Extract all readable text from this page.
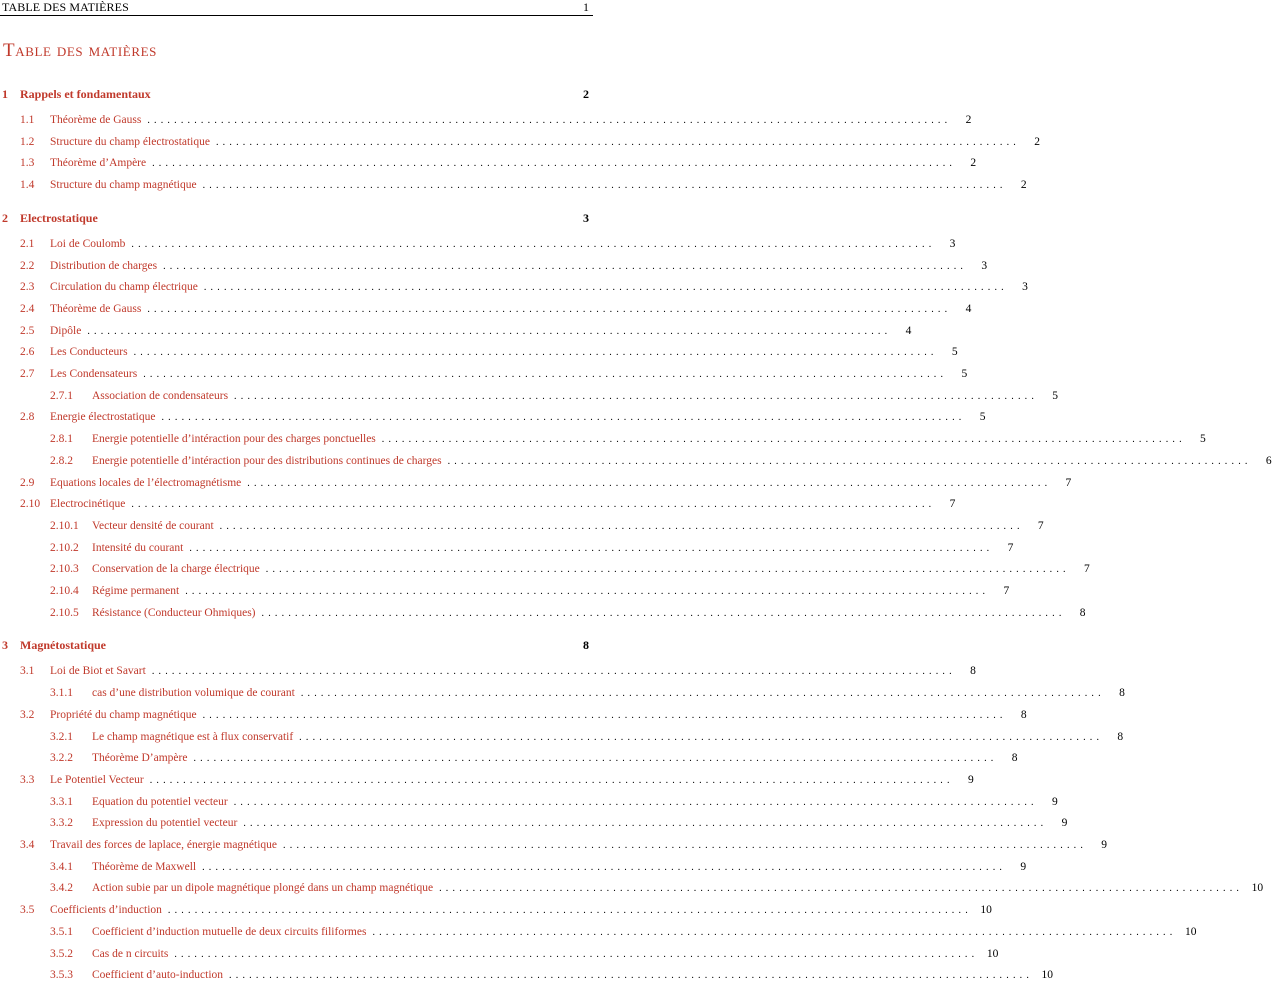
TABLE DES MATIÈRES	1
Table des matières
1 Rappels et fondamentaux	2
1.1 Théorème de Gauss ........................................................................................................................	2
1.2 Structure du champ électrostatique ........................................................................................................................	2
1.3 Théorème d’Ampère ........................................................................................................................	2
1.4 Structure du champ magnétique ........................................................................................................................	2
2 Electrostatique	3
2.1 Loi de Coulomb ........................................................................................................................	3
2.2 Distribution de charges ........................................................................................................................	3
2.3 Circulation du champ électrique ........................................................................................................................	3
2.4 Théorème de Gauss ........................................................................................................................	4
2.5 Dipôle ........................................................................................................................	4
2.6 Les Conducteurs ........................................................................................................................	5
2.7 Les Condensateurs ........................................................................................................................	5
2.7.1 Association de condensateurs ........................................................................................................................	5
2.8 Energie électrostatique ........................................................................................................................	5
2.8.1 Energie potentielle d’intéraction pour des charges ponctuelles ........................................................................................................................	5
2.8.2 Energie potentielle d’intéraction pour des distributions continues de charges ........................................................................................................................	6
2.9 Equations locales de l’électromagnétisme ........................................................................................................................	7
2.10 Electrocinétique ........................................................................................................................	7
2.10.1 Vecteur densité de courant ........................................................................................................................	7
2.10.2 Intensité du courant ........................................................................................................................	7
2.10.3 Conservation de la charge électrique ........................................................................................................................	7
2.10.4 Régime permanent ........................................................................................................................	7
2.10.5 Résistance (Conducteur Ohmiques) ........................................................................................................................	8
3 Magnétostatique	8
3.1 Loi de Biot et Savart ........................................................................................................................	8
3.1.1 cas d’une distribution volumique de courant ........................................................................................................................	8
3.2 Propriété du champ magnétique ........................................................................................................................	8
3.2.1 Le champ magnétique est à flux conservatif ........................................................................................................................	8
3.2.2 Théorème D’ampère ........................................................................................................................	8
3.3 Le Potentiel Vecteur ........................................................................................................................	9
3.3.1 Equation du potentiel vecteur ........................................................................................................................	9
3.3.2 Expression du potentiel vecteur ........................................................................................................................	9
3.4 Travail des forces de laplace, énergie magnétique ........................................................................................................................	9
3.4.1 Théorème de Maxwell ........................................................................................................................	9
3.4.2 Action subie par un dipole magnétique plongé dans un champ magnétique ........................................................................................................................ 10
3.5 Coefficients d’induction ........................................................................................................................ 10
3.5.1 Coefficient d’induction mutuelle de deux circuits filiformes ........................................................................................................................ 10
3.5.2 Cas de n circuits ........................................................................................................................ 10
3.5.3 Coefficient d’auto-induction ........................................................................................................................ 10
